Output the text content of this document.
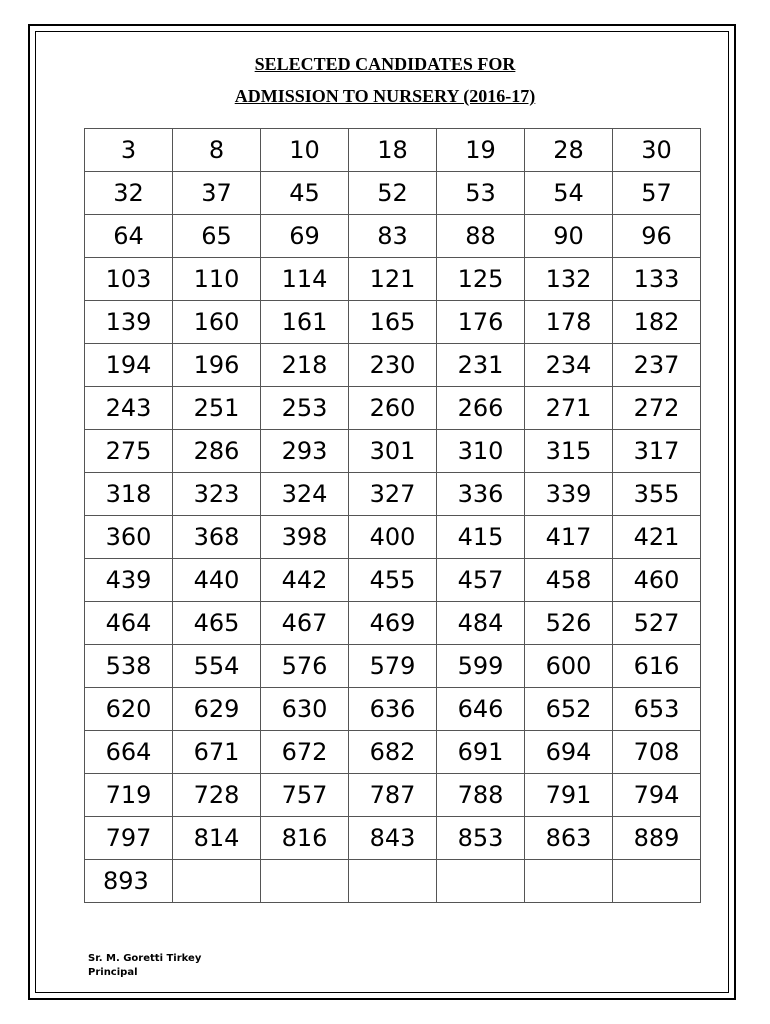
SELECTED CANDIDATES FOR
ADMISSION TO NURSERY (2016-17)
3	8	10	18	19	28	30
32	37	45	52	53	54	57
64	65	69	83	88	90	96
103	110	114	121	125	132	133
139	160	161	165	176	178	182
194	196	218	230	231	234	237
243	251	253	260	266	271	272
275	286	293	301	310	315	317
318	323	324	327	336	339	355
360	368	398	400	415	417	421
439	440	442	455	457	458	460
464	465	467	469	484	526	527
538	554	576	579	599	600	616
620	629	630	636	646	652	653
664	671	672	682	691	694	708
719	728	757	787	788	791	794
797	814	816	843	853	863	889
893						
Sr. M. Goretti Tirkey
Principal
